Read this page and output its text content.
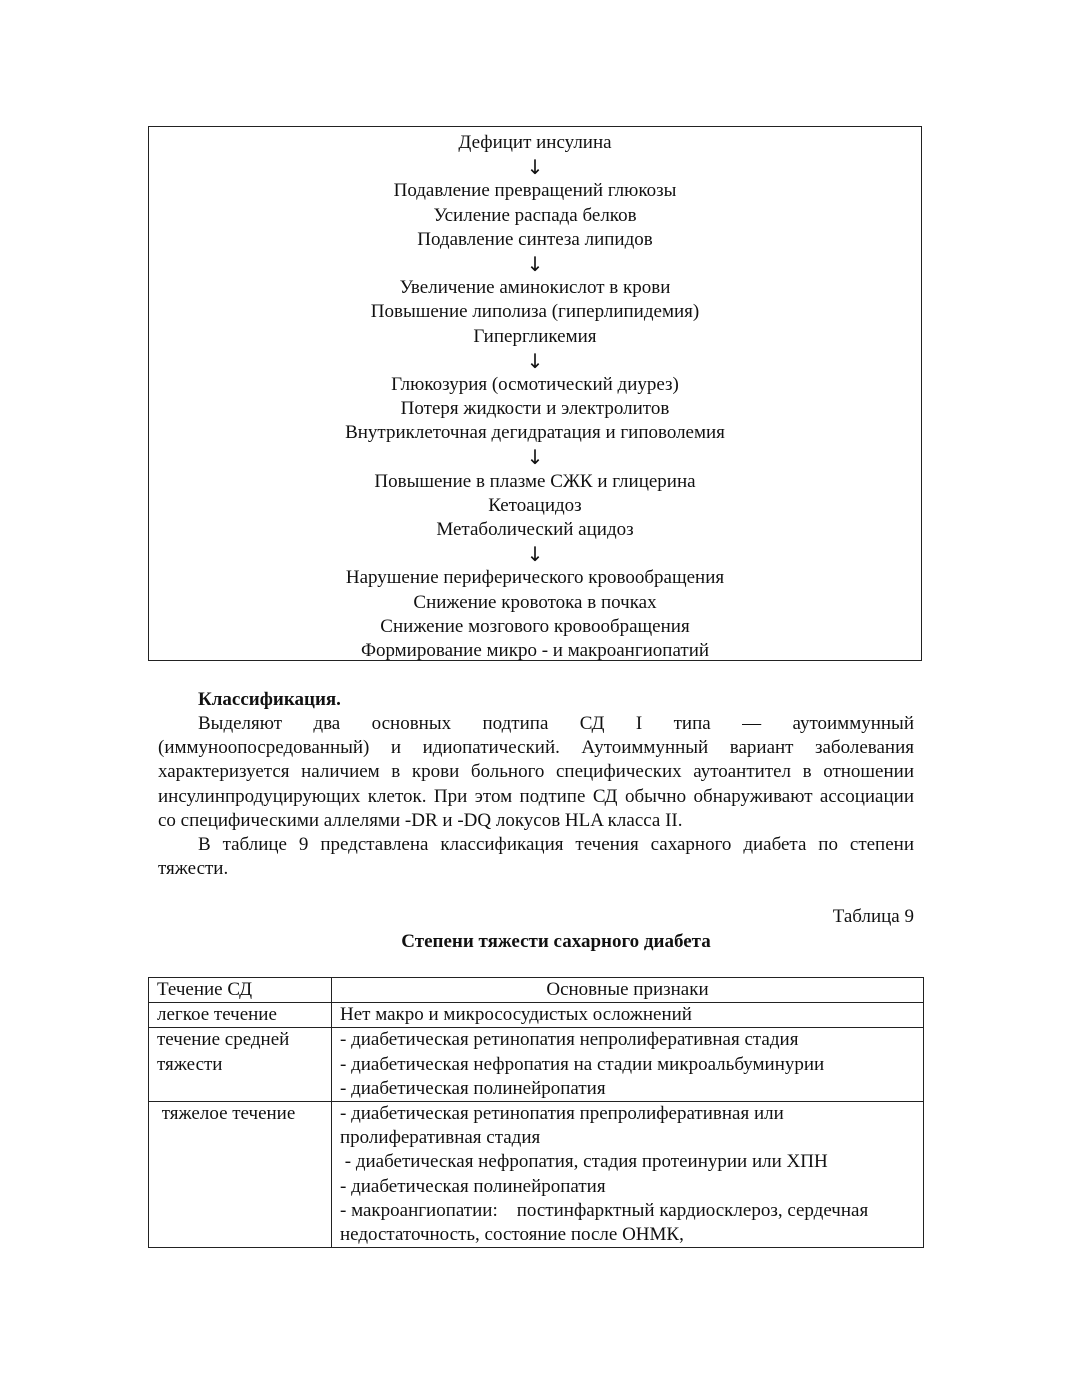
Дефицит инсулина
↓
Подавление превращений глюкозы
Усиление распада белков
Подавление синтеза липидов
↓
Увеличение аминокислот в крови
Повышение липолиза (гиперлипидемия)
Гипергликемия
↓
Глюкозурия (осмотический диурез)
Потеря жидкости и электролитов
Внутриклеточная дегидратация и гиповолемия
↓
Повышение в плазме СЖК и глицерина
Кетоацидоз
Метаболический ацидоз
↓
Нарушение периферического кровообращения
Снижение кровотока в почках
Снижение мозгового кровообращения
Формирование микро - и макроангиопатий
Классификация.

Выделяют два основных подтипа СД I типа — аутоиммунный (иммуноопосредованный) и идиопатический. Аутоиммунный вариант заболевания характеризуется наличием в крови больного специфических аутоантител в отношении инсулинпродуцирующих клеток. При этом подтипе СД обычно обнаруживают ассоциации со специфическими аллелями -DR и -DQ локусов HLA класса II.

В таблице 9 представлена классификация течения сахарного диабета по степени тяжести.

Таблица 9
Степени тяжести сахарного диабета
Течение СД	Основные признаки
легкое течение	Нет макро и микрососудистых осложнений

течение средней тяжести	- диабетическая ретинопатия непролиферативная стадия
- диабетическая нефропатия на стадии микроальбуминурии
- диабетическая полинейропатия

тяжелое течение	- диабетическая ретинопатия препролиферативная или пролиферативная стадия
- диабетическая нефропатия, стадия протеинурии или ХПН
- диабетическая полинейропатия
- макроангиопатии:    постинфарктный кардиосклероз, сердечная недостаточность, состояние после ОНМК,
